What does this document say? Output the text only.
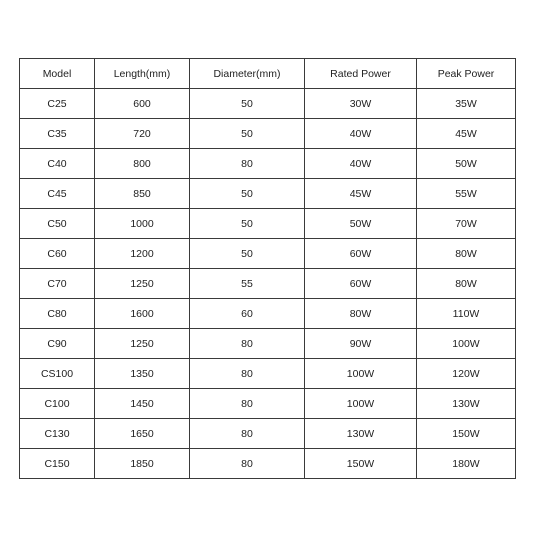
Model	Length(mm)	Diameter(mm)	Rated Power	Peak Power
C25	600	50	30W	35W
C35	720	50	40W	45W
C40	800	80	40W	50W
C45	850	50	45W	55W
C50	1000	50	50W	70W
C60	1200	50	60W	80W
C70	1250	55	60W	80W
C80	1600	60	80W	110W
C90	1250	80	90W	100W
CS100	1350	80	100W	120W
C100	1450	80	100W	130W
C130	1650	80	130W	150W
C150	1850	80	150W	180W
